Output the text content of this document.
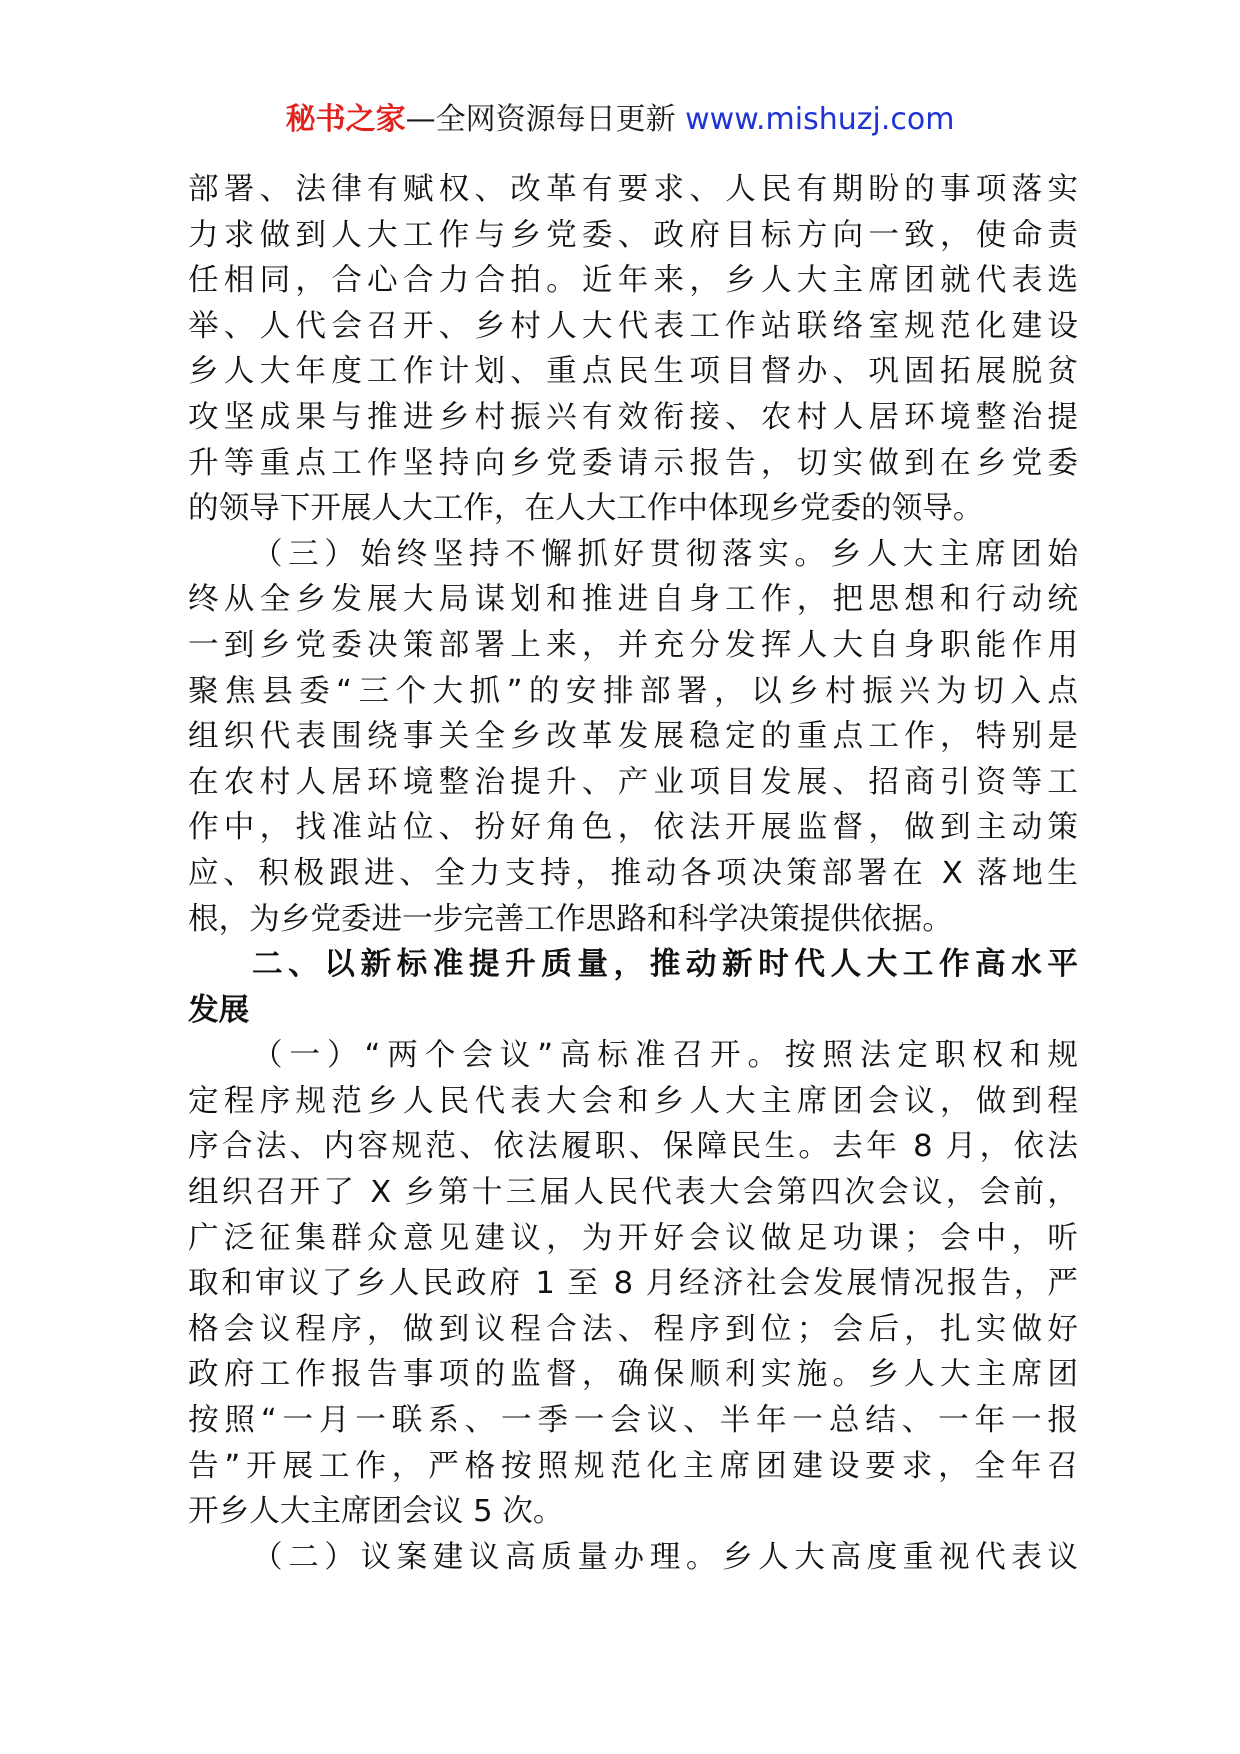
秘书之家—全网资源每日更新 www.mishuzj.com
部署、法律有赋权、改革有要求、人民有期盼的事项落实
力求做到人大工作与乡党委、政府目标方向一致，使命责
任相同，合心合力合拍。近年来，乡人大主席团就代表选
举、人代会召开、乡村人大代表工作站联络室规范化建设
乡人大年度工作计划、重点民生项目督办、巩固拓展脱贫
攻坚成果与推进乡村振兴有效衔接、农村人居环境整治提
升等重点工作坚持向乡党委请示报告，切实做到在乡党委
的领导下开展人大工作，在人大工作中体现乡党委的领导。
（三）始终坚持不懈抓好贯彻落实。乡人大主席团始
终从全乡发展大局谋划和推进自身工作，把思想和行动统
一到乡党委决策部署上来，并充分发挥人大自身职能作用
聚焦县委“三个大抓”的安排部署，以乡村振兴为切入点
组织代表围绕事关全乡改革发展稳定的重点工作，特别是
在农村人居环境整治提升、产业项目发展、招商引资等工
作中，找准站位、扮好角色，依法开展监督，做到主动策
应、积极跟进、全力支持，推动各项决策部署在 X 落地生
根，为乡党委进一步完善工作思路和科学决策提供依据。
二、以新标准提升质量，推动新时代人大工作高水平
发展
（一）“两个会议”高标准召开。按照法定职权和规
定程序规范乡人民代表大会和乡人大主席团会议，做到程
序合法、内容规范、依法履职、保障民生。去年 8 月，依法
组织召开了 X 乡第十三届人民代表大会第四次会议，会前，
广泛征集群众意见建议，为开好会议做足功课；会中，听
取和审议了乡人民政府 1 至 8 月经济社会发展情况报告，严
格会议程序，做到议程合法、程序到位；会后，扎实做好
政府工作报告事项的监督，确保顺利实施。乡人大主席团
按照“一月一联系、一季一会议、半年一总结、一年一报
告”开展工作，严格按照规范化主席团建设要求，全年召
开乡人大主席团会议 5 次。
（二）议案建议高质量办理。乡人大高度重视代表议
